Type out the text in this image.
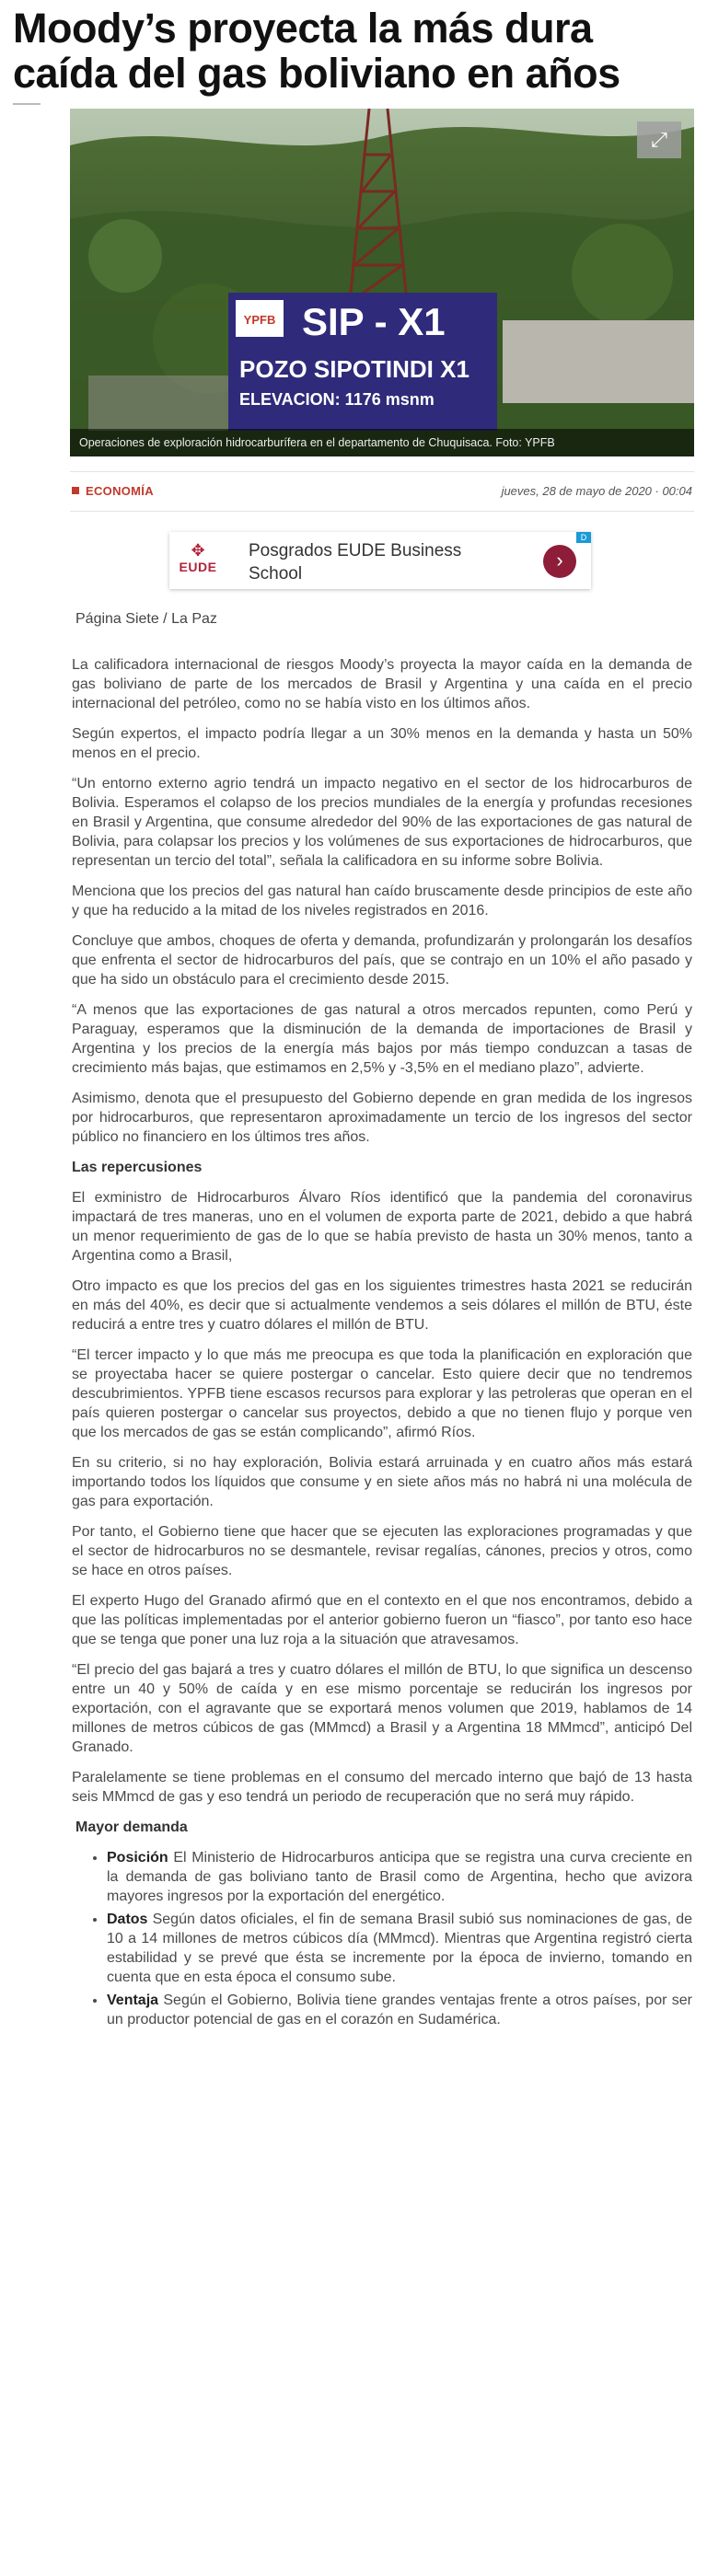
Moody’s proyecta la más dura caída del gas boliviano en años
YPFB SIP - X1
POZO SIPOTINDI X1
ELEVACION: 1176 msnm
⤢
Operaciones de exploración hidrocarburífera en el departamento de Chuquisaca. Foto: YPFB
ECONOMÍA	jueves, 28 de mayo de 2020 · 00:04
D
✥
EUDE
Posgrados EUDE Business School
›
Página Siete / La Paz

La calificadora internacional de riesgos Moody’s proyecta la mayor caída en la demanda de gas boliviano de parte de los mercados de Brasil y Argentina y una caída en el precio internacional del petróleo, como no se había visto en los últimos años.

Según expertos, el impacto podría llegar a un 30% menos en la demanda y hasta un 50% menos en el precio.

“Un entorno externo agrio tendrá un impacto negativo en el sector de los hidrocarburos de Bolivia. Esperamos el colapso de los precios mundiales de la energía y profundas recesiones en Brasil y Argentina, que consume alrededor del 90% de las exportaciones de gas natural de Bolivia, para colapsar los precios y los volúmenes de sus exportaciones de hidrocarburos, que representan un tercio del total”, señala la calificadora en su informe sobre Bolivia.

Menciona que los precios del gas natural han caído bruscamente desde principios de este año y que ha reducido a la mitad de los niveles registrados en 2016.

Concluye que ambos, choques de oferta y demanda, profundizarán y prolongarán los desafíos que enfrenta el sector de hidrocarburos del país, que se contrajo en un 10% el año pasado y que ha sido un obstáculo para el crecimiento desde 2015.

“A menos que las exportaciones de gas natural a otros mercados repunten, como Perú y Paraguay, esperamos que la disminución de la demanda de importaciones de Brasil y Argentina y los precios de la energía más bajos por más tiempo conduzcan a tasas de crecimiento más bajas, que estimamos en 2,5% y -3,5% en el mediano plazo”, advierte.

Asimismo, denota que el presupuesto del Gobierno depende en gran medida de los ingresos por hidrocarburos, que representaron aproximadamente un tercio de los ingresos del sector público no financiero en los últimos tres años.

Las repercusiones

El exministro de Hidrocarburos Álvaro Ríos identificó que la pandemia del coronavirus impactará de tres maneras, uno en el volumen de exporta parte de 2021, debido a que habrá un menor requerimiento de gas de lo que se había previsto de hasta un 30% menos, tanto a Argentina como a Brasil,

Otro impacto es que los precios del gas en los siguientes trimestres hasta 2021 se reducirán en más del 40%, es decir que si actualmente vendemos a seis dólares el millón de BTU, éste reducirá a entre tres y cuatro dólares el millón de BTU.

“El tercer impacto y lo que más me preocupa es que toda la planificación en exploración que se proyectaba hacer se quiere postergar o cancelar. Esto quiere decir que no tendremos descubrimientos. YPFB tiene escasos recursos para explorar y las petroleras que operan en el país quieren postergar o cancelar sus proyectos, debido a que no tienen flujo y porque ven que los mercados de gas se están complicando”, afirmó Ríos.

En su criterio, si no hay exploración, Bolivia estará arruinada y en cuatro años más estará importando todos los líquidos que consume y en siete años más no habrá ni una molécula de gas para exportación.

Por tanto, el Gobierno tiene que hacer que se ejecuten las exploraciones programadas y que el sector de hidrocarburos no se desmantele, revisar regalías, cánones, precios y otros, como se hace en otros países.

El experto Hugo del Granado afirmó que en el contexto en el que nos encontramos, debido a que las políticas implementadas por el anterior gobierno fueron un “fiasco”, por tanto eso hace que se tenga que poner una luz roja a la situación que atravesamos.

“El precio del gas bajará a tres y cuatro dólares el millón de BTU, lo que significa un descenso entre un 40 y 50% de caída y en ese mismo porcentaje se reducirán los ingresos por exportación, con el agravante que se exportará menos volumen que 2019, hablamos de 14 millones de metros cúbicos de gas (MMmcd) a Brasil y a Argentina 18 MMmcd”, anticipó Del Granado.

Paralelamente se tiene problemas en el consumo del mercado interno que bajó de 13 hasta seis MMmcd de gas y eso tendrá un periodo de recuperación que no será muy rápido.

Mayor demanda
• Posición El Ministerio de Hidrocarburos anticipa que se registra una curva creciente en la demanda de gas boliviano tanto de Brasil como de Argentina, hecho que avizora mayores ingresos por la exportación del energético.
• Datos Según datos oficiales, el fin de semana Brasil subió sus nominaciones de gas, de 10 a 14 millones de metros cúbicos día (MMmcd). Mientras que Argentina registró cierta estabilidad y se prevé que ésta se incremente por la época de invierno, tomando en cuenta que en esta época el consumo sube.
• Ventaja Según el Gobierno, Bolivia tiene grandes ventajas frente a otros países, por ser un productor potencial de gas en el corazón en Sudamérica.
